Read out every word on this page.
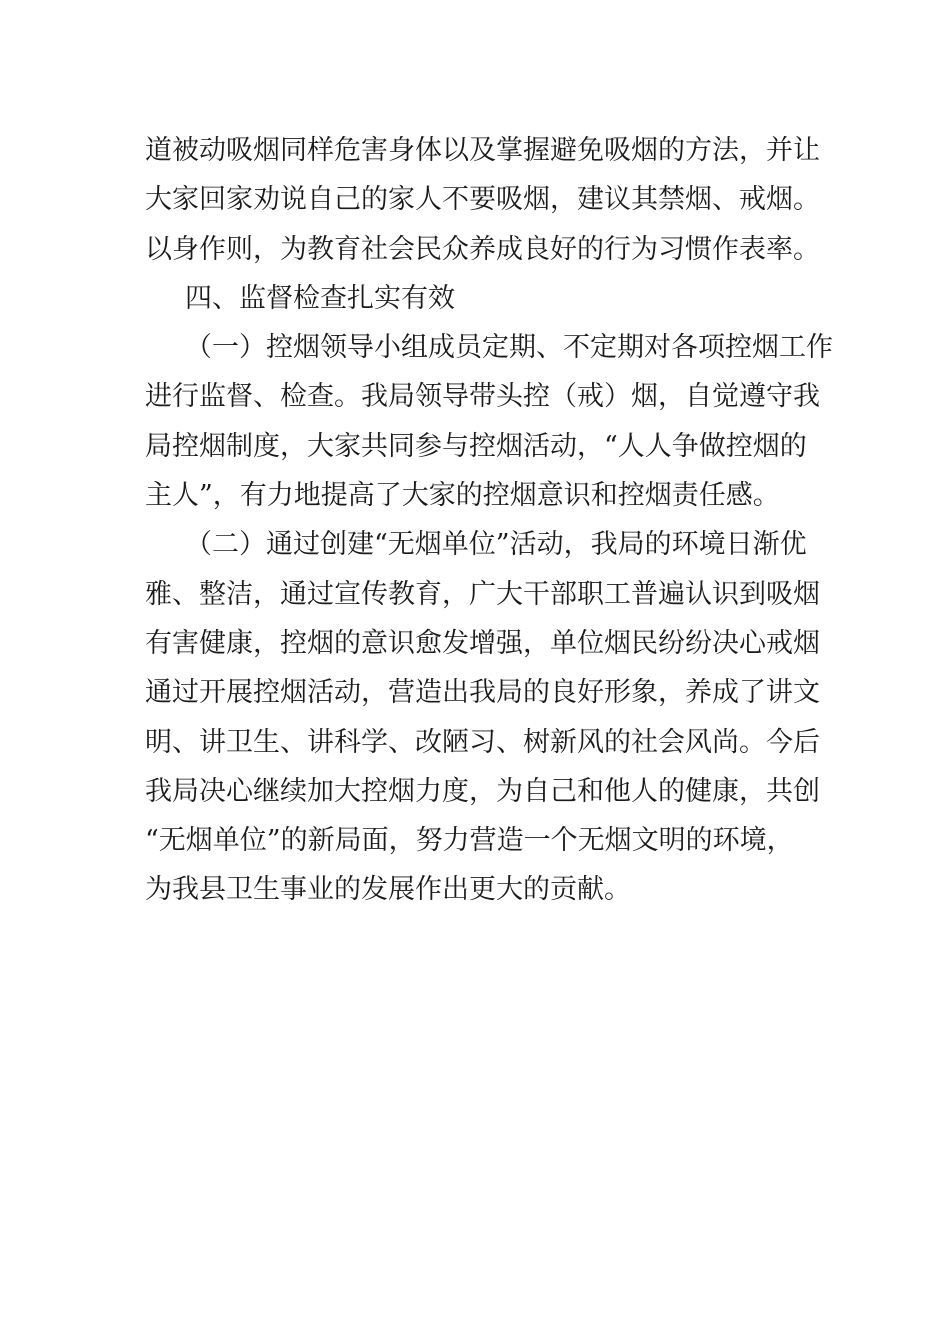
道被动吸烟同样危害身体以及掌握避免吸烟的方法，并让
大家回家劝说自己的家人不要吸烟，建议其禁烟、戒烟。
以身作则，为教育社会民众养成良好的行为习惯作表率。
四、监督检查扎实有效
（一）控烟领导小组成员定期、不定期对各项控烟工作
进行监督、检查。我局领导带头控（戒）烟，自觉遵守我
局控烟制度，大家共同参与控烟活动，“人人争做控烟的
主人”，有力地提高了大家的控烟意识和控烟责任感。
（二）通过创建“无烟单位”活动，我局的环境日渐优
雅、整洁，通过宣传教育，广大干部职工普遍认识到吸烟
有害健康，控烟的意识愈发增强，单位烟民纷纷决心戒烟
通过开展控烟活动，营造出我局的良好形象，养成了讲文
明、讲卫生、讲科学、改陋习、树新风的社会风尚。今后
我局决心继续加大控烟力度，为自己和他人的健康，共创
“无烟单位”的新局面，努力营造一个无烟文明的环境，
为我县卫生事业的发展作出更大的贡献。
